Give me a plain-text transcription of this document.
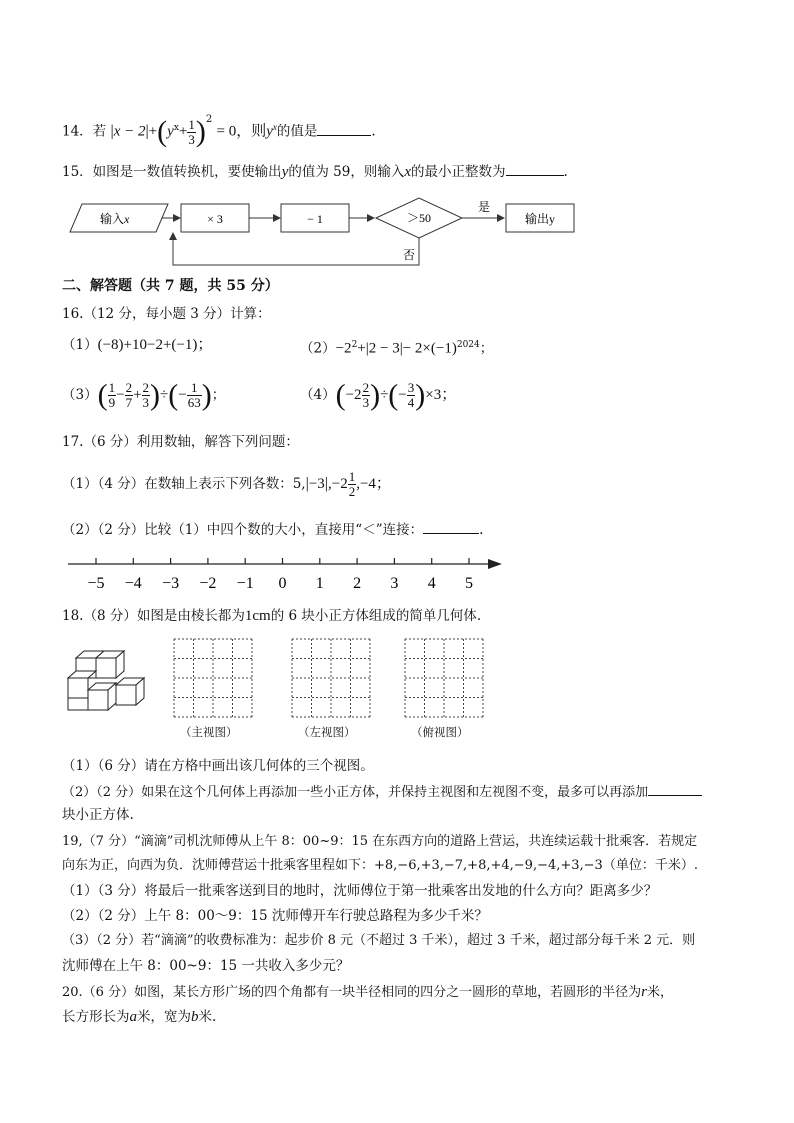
14．若 $|x - 2|+(y^x+ \frac{1}{3} )^2 = 0$，则$y^x$的值是	.
15．如图是一数值转换机，要使输出y的值为 59，则输入x的最小正整数为	.
输入x	× 3	− 1	＞50
是
输出y
否
二、解答题（共 7 题，共 55 分）
16.（12 分，每小题 3 分）计算：
（1）(−8)+10−2+(−1)；	$(2)-2^2+|2 - 3|- 2\times(-1)^{2024}$；
$(3)( \frac{1}{9} - \frac{2}{7} + \frac{2}{3}$ )÷(− $\frac{1}{63}$ )；	$(4)(-2 \frac{2}{3}$ )÷(− $\frac{3}{4} )\times 3$；
17.（6 分）利用数轴，解答下列问题：
（1）（4 分）在数轴上表示下列各数：$5,|-3|,-2 \frac{1}{2} ,-4$；
（2）（2 分）比较（1）中四个数的大小，直接用“＜”连接：	.
−5 −4 −3 −2 −1 0 1 2 3 4 5
18.（8 分）如图是由棱长都为1cm的 6 块小正方体组成的简单几何体.
（主视图）	（左视图）	（俯视图）
（1）（6 分）请在方格中画出该几何体的三个视图。
（2）（2 分）如果在这个几何体上再添加一些小正方体，并保持主视图和左视图不变，最多可以再添加
块小正方体.
19,（7 分）“滴滴”司机沈师傅从上午 8：00~9：15 在东西方向的道路上营运，共连续运载十批乘客．若规定
向东为正，向西为负．沈师傅营运十批乘客里程如下：+8,−6,+3,−7,+8,+4,−9,−4,+3,−3（单位：千米）.
（1）（3 分）将最后一批乘客送到目的地时，沈师傅位于第一批乘客出发地的什么方向？距离多少？
（2）（2 分）上午 8：00～9：15 沈师傅开车行驶总路程为多少千米？
（3）（2 分）若“滴滴”的收费标准为：起步价 8 元（不超过 3 千米），超过 3 千米，超过部分每千米 2 元．则
沈师傅在上午 8：00~9：15 一共收入多少元？
20.（6 分）如图，某长方形广场的四个角都有一块半径相同的四分之一圆形的草地，若圆形的半径为r米，
长方形长为a米，宽为b米.
